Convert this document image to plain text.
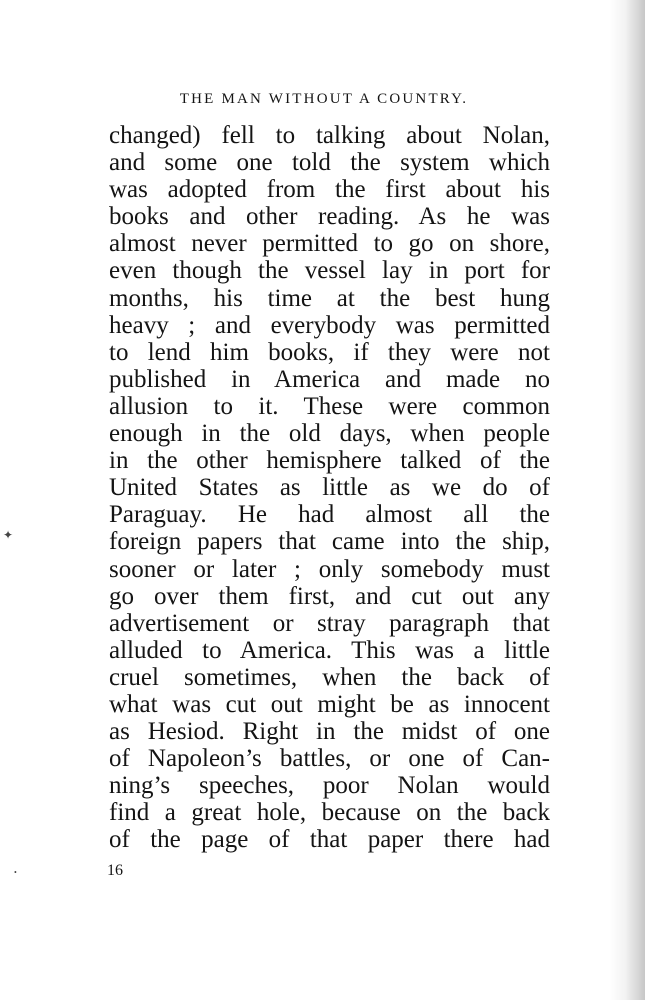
✦
•
THE MAN WITHOUT A COUNTRY.
changed) fell to talking about Nolan,
and some one told the system which
was adopted from the first about his
books and other reading. As he was
almost never permitted to go on shore,
even though the vessel lay in port for
months, his time at the best hung
heavy ; and everybody was permitted
to lend him books, if they were not
published in America and made no
allusion to it. These were common
enough in the old days, when people
in the other hemisphere talked of the
United States as little as we do of
Paraguay. He had almost all the
foreign papers that came into the ship,
sooner or later ; only somebody must
go over them first, and cut out any
advertisement or stray paragraph that
alluded to America. This was a little
cruel sometimes, when the back of
what was cut out might be as innocent
as Hesiod. Right in the midst of one
of Napoleon’s battles, or one of Can-
ning’s speeches, poor Nolan would
find a great hole, because on the back
of the page of that paper there had
16
